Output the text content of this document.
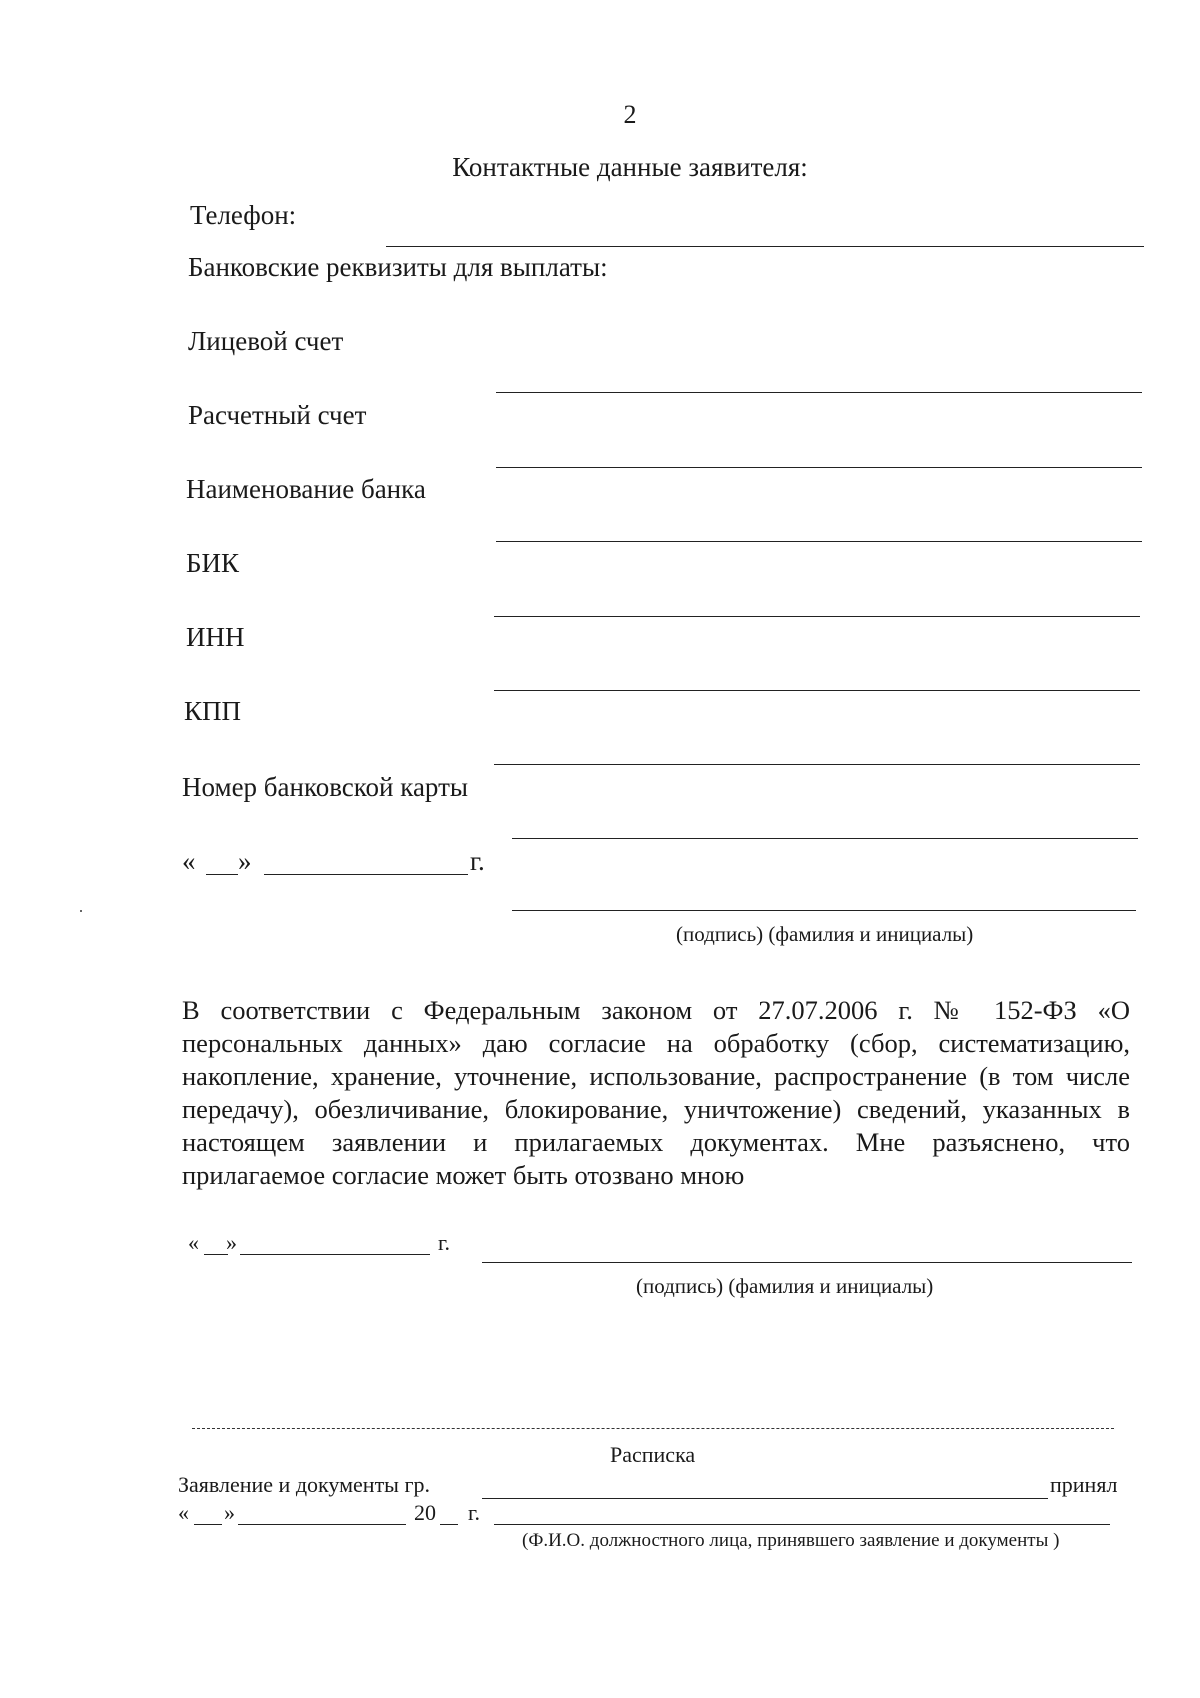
2
Контактные данные заявителя:
Телефон:
Банковские реквизиты для выплаты:
Лицевой счет
Расчетный счет
Наименование банка
БИК
ИНН
КПП
Номер банковской карты
« »	г.
(подпись) (фамилия и инициалы)
В соответствии с Федеральным законом от 27.07.2006 г. № 152-ФЗ «О персональных данных» даю согласие на обработку (сбор, систематизацию, накопление, хранение, уточнение, использование, распространение (в том числе передачу), обезличивание, блокирование, уничтожение) сведений, указанных в настоящем заявлении и прилагаемых документах. Мне разъяснено, что прилагаемое согласие может быть отозвано мною
« »	г.
(подпись) (фамилия и инициалы)
Расписка
Заявление и документы гр.	принял
« »	20 г.
(Ф.И.О. должностного лица, принявшего заявление и документы )
